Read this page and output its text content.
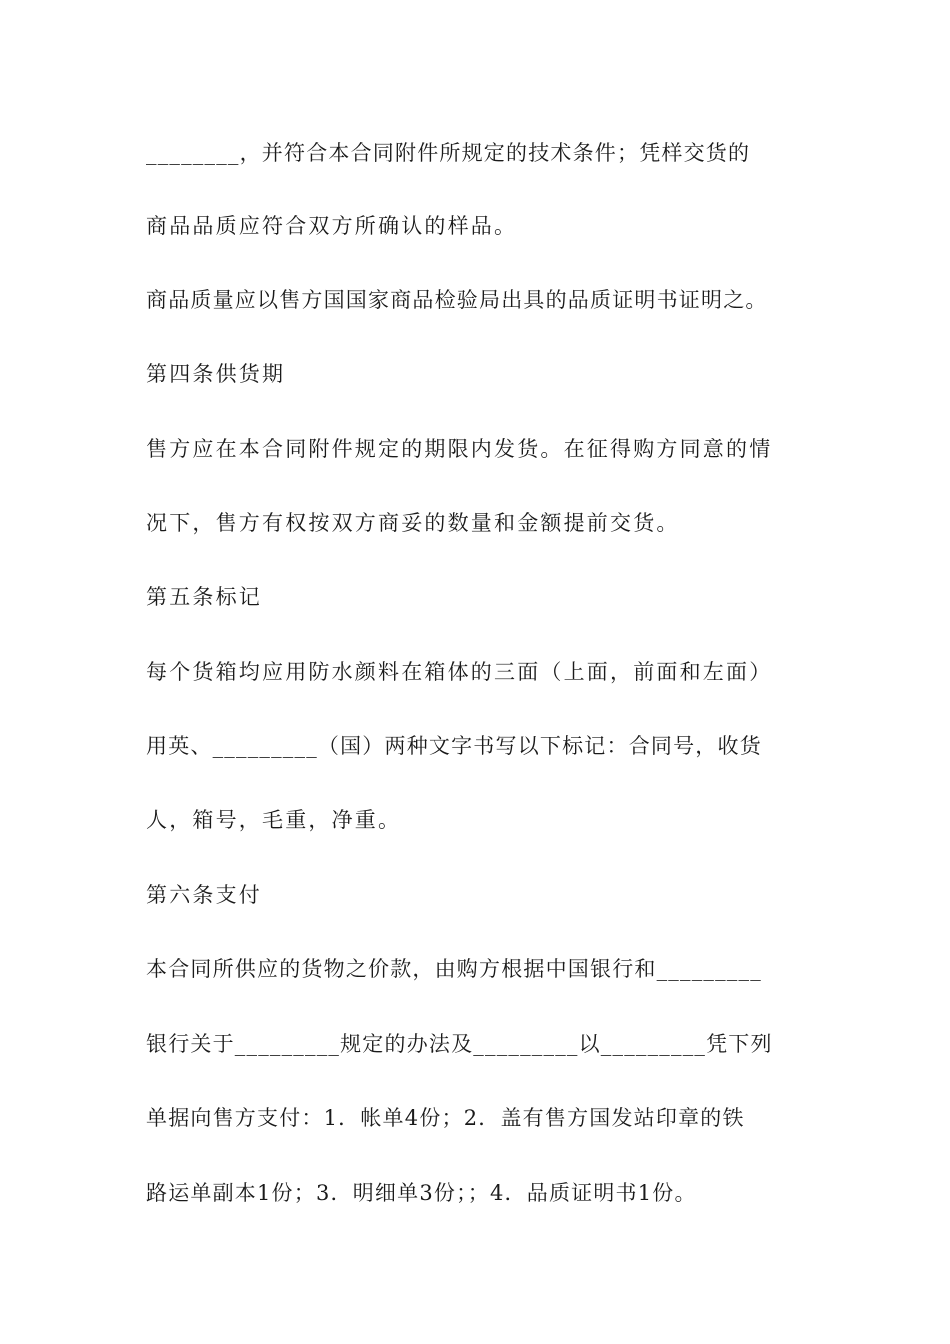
________，并符合本合同附件所规定的技术条件；凭样交货的
商品品质应符合双方所确认的样品。
商品质量应以售方国国家商品检验局出具的品质证明书证明之。
第四条供货期
售方应在本合同附件规定的期限内发货。在征得购方同意的情
况下，售方有权按双方商妥的数量和金额提前交货。
第五条标记
每个货箱均应用防水颜料在箱体的三面（上面，前面和左面）
用英、_________（国）两种文字书写以下标记：合同号，收货
人，箱号，毛重，净重。
第六条支付
本合同所供应的货物之价款，由购方根据中国银行和_________
银行关于_________规定的办法及_________以_________凭下列
单据向售方支付：1．帐单4份；2．盖有售方国发站印章的铁
路运单副本1份；3．明细单3份；；4．品质证明书1份。
